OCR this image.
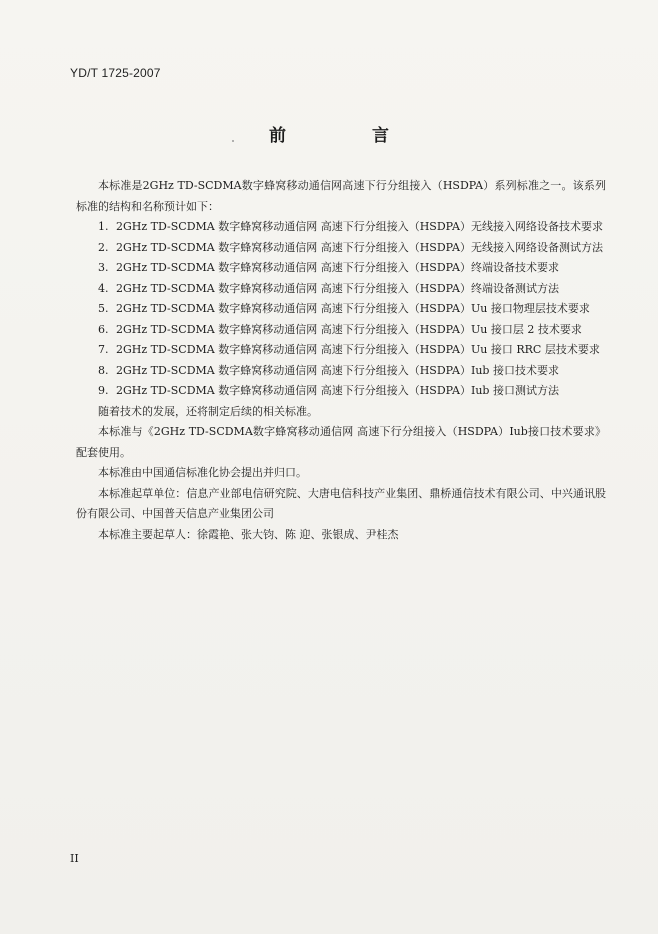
YD/T 1725-2007
前 言

本标准是2GHz TD-SCDMA数字蜂窝移动通信网高速下行分组接入（HSDPA）系列标准之一。该系列标准的结构和名称预计如下：

1. 2GHz TD-SCDMA 数字蜂窝移动通信网 高速下行分组接入（HSDPA）无线接入网络设备技术要求
2. 2GHz TD-SCDMA 数字蜂窝移动通信网 高速下行分组接入（HSDPA）无线接入网络设备测试方法
3. 2GHz TD-SCDMA 数字蜂窝移动通信网 高速下行分组接入（HSDPA）终端设备技术要求
4. 2GHz TD-SCDMA 数字蜂窝移动通信网 高速下行分组接入（HSDPA）终端设备测试方法
5. 2GHz TD-SCDMA 数字蜂窝移动通信网 高速下行分组接入（HSDPA）Uu 接口物理层技术要求
6. 2GHz TD-SCDMA 数字蜂窝移动通信网 高速下行分组接入（HSDPA）Uu 接口层 2 技术要求
7. 2GHz TD-SCDMA 数字蜂窝移动通信网 高速下行分组接入（HSDPA）Uu 接口 RRC 层技术要求
8. 2GHz TD-SCDMA 数字蜂窝移动通信网 高速下行分组接入（HSDPA）Iub 接口技术要求
9. 2GHz TD-SCDMA 数字蜂窝移动通信网 高速下行分组接入（HSDPA）Iub 接口测试方法

随着技术的发展，还将制定后续的相关标准。

本标准与《2GHz TD-SCDMA数字蜂窝移动通信网 高速下行分组接入（HSDPA）Iub接口技术要求》配套使用。

本标准由中国通信标准化协会提出并归口。

本标准起草单位：信息产业部电信研究院、大唐电信科技产业集团、鼎桥通信技术有限公司、中兴通讯股份有限公司、中国普天信息产业集团公司

本标准主要起草人：徐霞艳、张大钧、陈 迎、张银成、尹桂杰

II
